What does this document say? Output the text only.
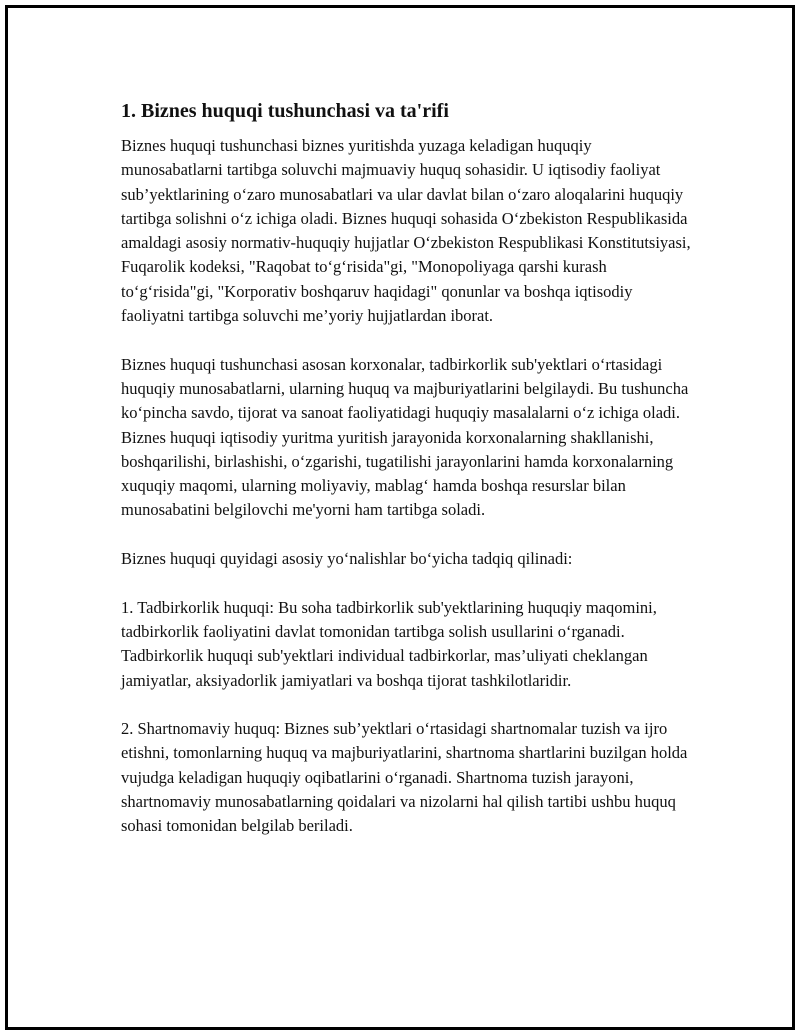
1. Biznes huquqi tushunchasi va ta'rifi

Biznes huquqi tushunchasi biznes yuritishda yuzaga keladigan huquqiy munosabatlarni tartibga soluvchi majmuaviy huquq sohasidir. U iqtisodiy faoliyat sub’yektlarining o‘zaro munosabatlari va ular davlat bilan o‘zaro aloqalarini huquqiy tartibga solishni o‘z ichiga oladi. Biznes huquqi sohasida O‘zbekiston Respublikasida amaldagi asosiy normativ-huquqiy hujjatlar O‘zbekiston Respublikasi Konstitutsiyasi, Fuqarolik kodeksi, "Raqobat to‘g‘risida"gi, "Monopoliyaga qarshi kurash to‘g‘risida"gi, "Korporativ boshqaruv haqidagi" qonunlar va boshqa iqtisodiy faoliyatni tartibga soluvchi me’yoriy hujjatlardan iborat.

Biznes huquqi tushunchasi asosan korxonalar, tadbirkorlik sub'yektlari o‘rtasidagi huquqiy munosabatlarni, ularning huquq va majburiyatlarini belgilaydi. Bu tushuncha ko‘pincha savdo, tijorat va sanoat faoliyatidagi huquqiy masalalarni o‘z ichiga oladi. Biznes huquqi iqtisodiy yuritma yuritish jarayonida korxonalarning shakllanishi, boshqarilishi, birlashishi, o‘zgarishi, tugatilishi jarayonlarini hamda korxonalarning xuquqiy maqomi, ularning moliyaviy, mablag‘ hamda boshqa resurslar bilan munosabatini belgilovchi me'yorni ham tartibga soladi.

Biznes huquqi quyidagi asosiy yo‘nalishlar bo‘yicha tadqiq qilinadi:

1. Tadbirkorlik huquqi: Bu soha tadbirkorlik sub'yektlarining huquqiy maqomini, tadbirkorlik faoliyatini davlat tomonidan tartibga solish usullarini o‘rganadi. Tadbirkorlik huquqi sub'yektlari individual tadbirkorlar, mas’uliyati cheklangan jamiyatlar, aksiyadorlik jamiyatlari va boshqa tijorat tashkilotlaridir.

2. Shartnomaviy huquq: Biznes sub’yektlari o‘rtasidagi shartnomalar tuzish va ijro etishni, tomonlarning huquq va majburiyatlarini, shartnoma shartlarini buzilgan holda vujudga keladigan huquqiy oqibatlarini o‘rganadi. Shartnoma tuzish jarayoni, shartnomaviy munosabatlarning qoidalari va nizolarni hal qilish tartibi ushbu huquq sohasi tomonidan belgilab beriladi.
